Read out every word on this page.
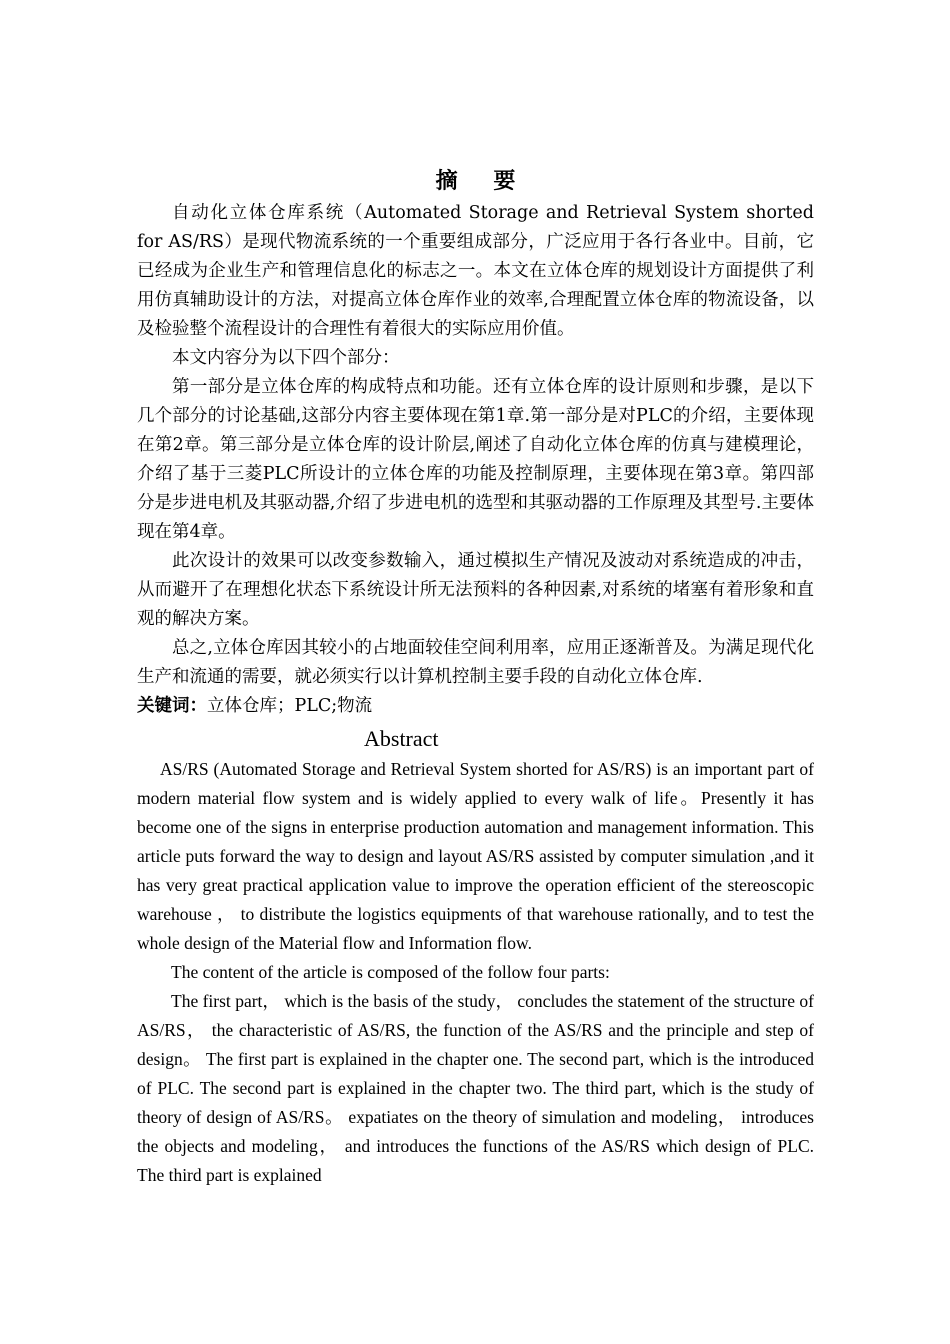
摘 要

自动化立体仓库系统（Automated Storage and Retrieval System shorted for AS/RS）是现代物流系统的一个重要组成部分，广泛应用于各行各业中。目前，它已经成为企业生产和管理信息化的标志之一。本文在立体仓库的规划设计方面提供了利用仿真辅助设计的方法，对提高立体仓库作业的效率,合理配置立体仓库的物流设备，以及检验整个流程设计的合理性有着很大的实际应用价值。

本文内容分为以下四个部分：

第一部分是立体仓库的构成特点和功能。还有立体仓库的设计原则和步骤，是以下几个部分的讨论基础,这部分内容主要体现在第1章.第一部分是对PLC的介绍，主要体现在第2章。第三部分是立体仓库的设计阶层,阐述了自动化立体仓库的仿真与建模理论，介绍了基于三菱PLC所设计的立体仓库的功能及控制原理，主要体现在第3章。第四部分是步进电机及其驱动器,介绍了步进电机的选型和其驱动器的工作原理及其型号.主要体现在第4章。

此次设计的效果可以改变参数输入，通过模拟生产情况及波动对系统造成的冲击，从而避开了在理想化状态下系统设计所无法预料的各种因素,对系统的堵塞有着形象和直观的解决方案。

总之,立体仓库因其较小的占地面较佳空间利用率，应用正逐渐普及。为满足现代化生产和流通的需要，就必须实行以计算机控制主要手段的自动化立体仓库.

关键词：立体仓库；PLC;物流
Abstract

AS/RS (Automated Storage and Retrieval System shorted for AS/RS) is an important part of modern material flow system and is widely applied to every walk of life。Presently it has become one of the signs in enterprise production automation and management information. This article puts forward the way to design and layout AS/RS assisted by computer simulation ,and it has very great practical application value to improve the operation efficient of the stereoscopic warehouse ， to distribute the logistics equipments of that warehouse rationally, and to test the whole design of the Material flow and Information flow.

The content of the article is composed of the follow four parts:

The first part， which is the basis of the study， concludes the statement of the structure of AS/RS， the characteristic of AS/RS, the function of the AS/RS and the principle and step of design。 The first part is explained in the chapter one. The second part, which is the introduced of PLC. The second part is explained in the chapter two. The third part, which is the study of theory of design of AS/RS。 expatiates on the theory of simulation and modeling， introduces the objects and modeling， and introduces the functions of the AS/RS which design of PLC. The third part is explained
